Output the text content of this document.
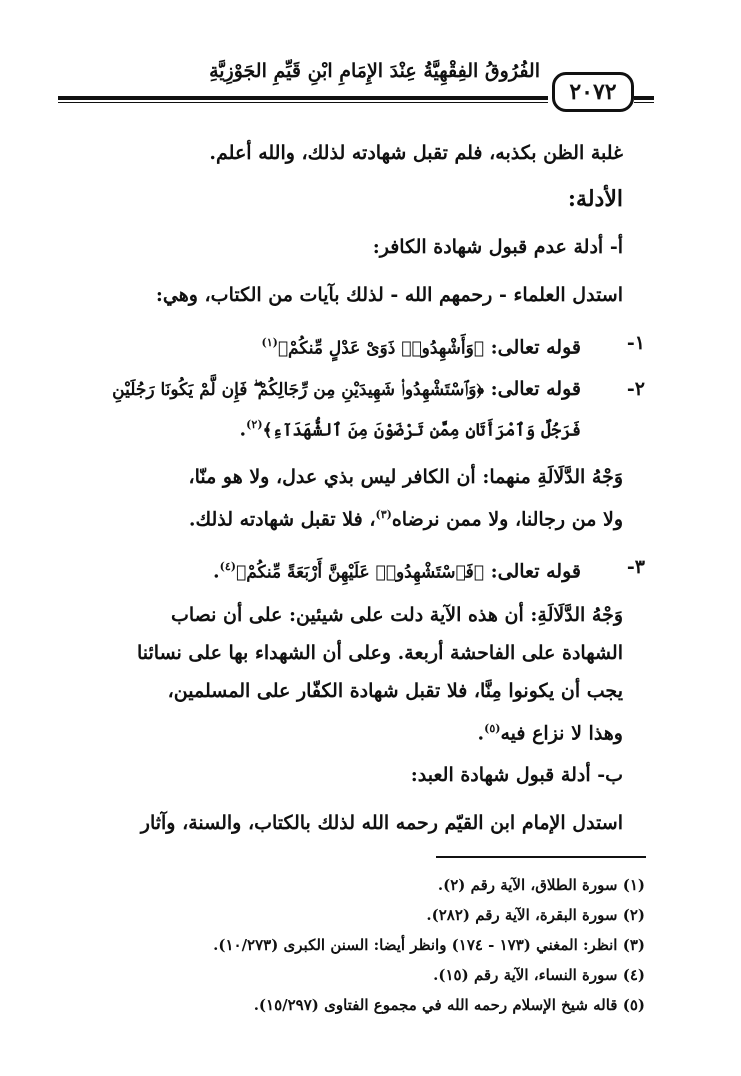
الفُرُوقُ الفِقْهِيَّةُ عِنْدَ الإِمَامِ ابْنِ قَيِّمِ الجَوْزِيَّةِ
٢٠٧٢
غلبة الظن بكذبه، فلم تقبل شهادته لذلك، والله أعلم.
الأدلة:
أ- أدلة عدم قبول شهادة الكافر:
استدل العلماء - رحمهم الله - لذلك بآيات من الكتاب، وهي:
١-
قوله تعالى: ﴿وَأَشْهِدُوا۟ ذَوَىْ عَدْلٍ مِّنكُمْ﴾$^{(١)}$
٢-
قوله تعالى: ﴿وَٱسْتَشْهِدُوا۟ شَهِيدَيْنِ مِن رِّجَالِكُمْ ۖ فَإِن لَّمْ يَكُونَا رَجُلَيْنِ
فَرَجُلٌ وَٱمْرَأَتَانِ مِمَّن تَرْضَوْنَ مِنَ ٱلشُّهَدَآءِ﴾$^{(٢)}$.
وَجْهُ الدَّلَالَةِ منهما: أن الكافر ليس بذي عدل، ولا هو منّا،
ولا من رجالنا، ولا ممن نرضاه$^{(٣)}$، فلا تقبل شهادته لذلك.
٣-
قوله تعالى: ﴿فَٱسْتَشْهِدُوا۟ عَلَيْهِنَّ أَرْبَعَةً مِّنكُمْ﴾$^{(٤)}$.
وَجْهُ الدَّلَالَةِ: أن هذه الآية دلت على شيئين: على أن نصاب
الشهادة على الفاحشة أربعة. وعلى أن الشهداء بها على نسائنا
يجب أن يكونوا مِنَّا، فلا تقبل شهادة الكفّار على المسلمين،
وهذا لا نزاع فيه$^{(٥)}$.
ب- أدلة قبول شهادة العبد:
استدل الإمام ابن القيّم رحمه الله لذلك بالكتاب، والسنة، وآثار
(١) سورة الطلاق، الآية رقم (٢).
(٢) سورة البقرة، الآية رقم (٢٨٢).
(٣) انظر: المغني (١٧٣ - ١٧٤) وانظر أيضا: السنن الكبرى (١٠/٢٧٣).
(٤) سورة النساء، الآية رقم (١٥).
(٥) قاله شيخ الإسلام رحمه الله في مجموع الفتاوى (١٥/٢٩٧).
